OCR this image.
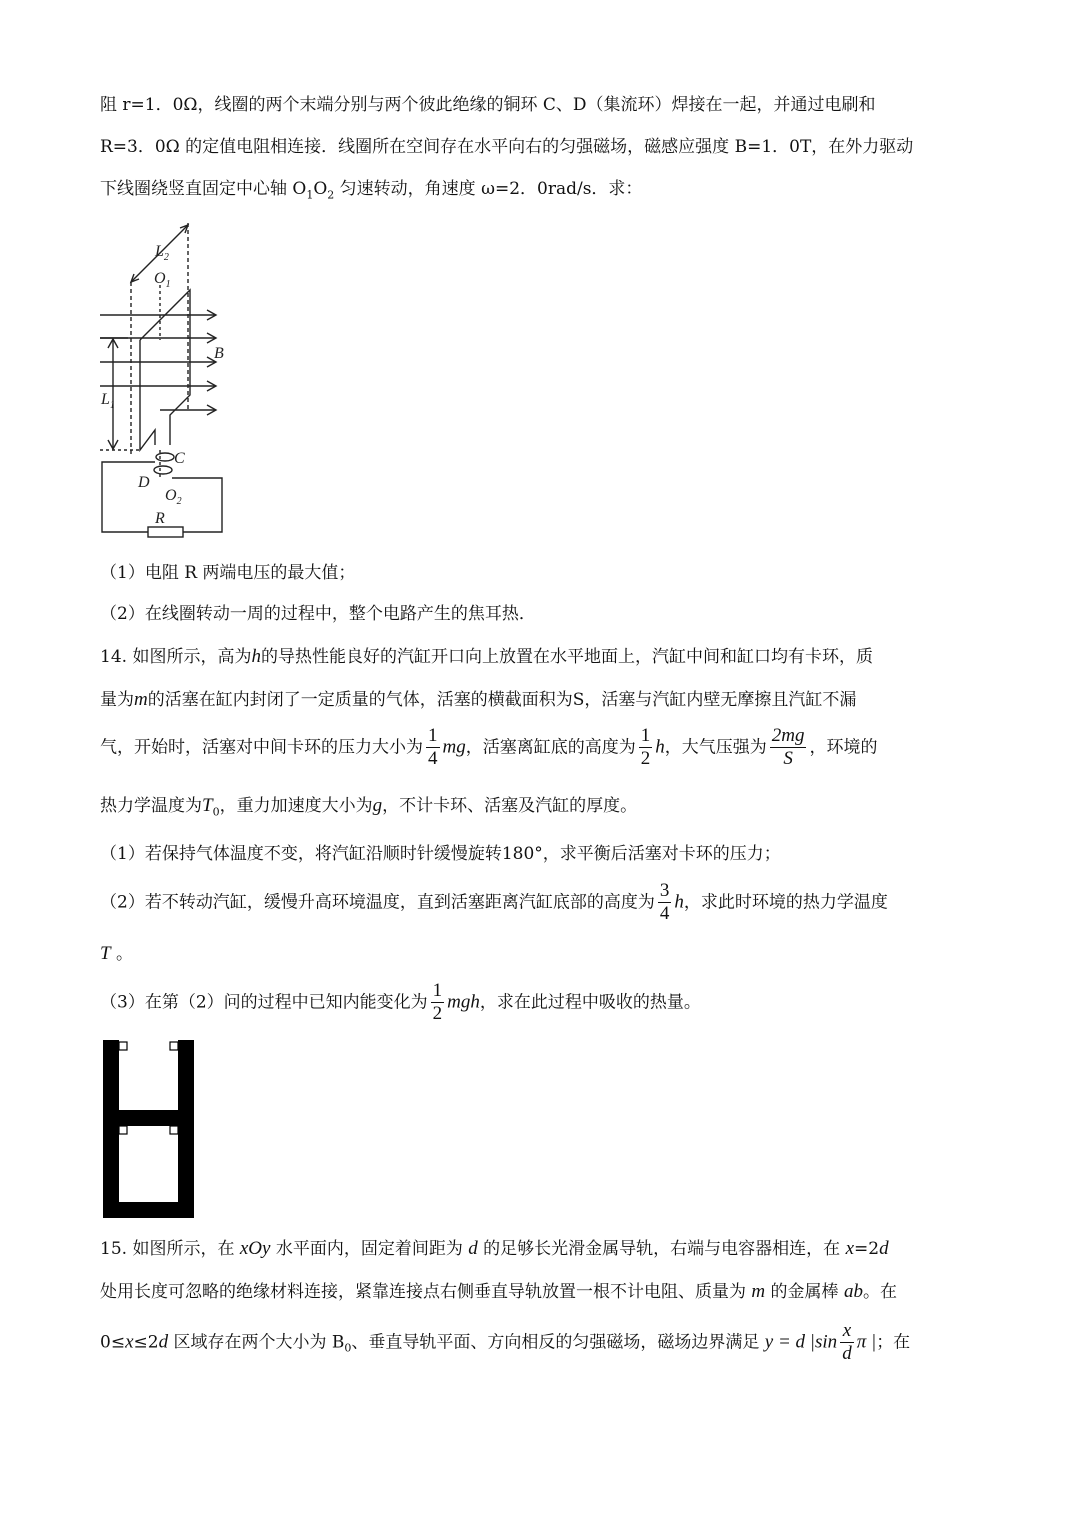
阻 r=1．0Ω，线圈的两个末端分别与两个彼此绝缘的铜环 C、D（集流环）焊接在一起，并通过电刷和
R=3．0Ω 的定值电阻相连接．线圈所在空间存在水平向右的匀强磁场，磁感应强度 B=1．0T，在外力驱动
下线圈绕竖直固定中心轴 $O_1O_2$ 匀速转动，角速度 ω=2．0rad/s．求：
$L_2$
$O_1$
B
$L_1$
C
D
$O_2$
R
（1）电阻 R 两端电压的最大值；
（2）在线圈转动一周的过程中，整个电路产生的焦耳热．
14. 如图所示，高为h的导热性能良好的汽缸开口向上放置在水平地面上，汽缸中间和缸口均有卡环，质
量为m的活塞在缸内封闭了一定质量的气体，活塞的横截面积为S，活塞与汽缸内壁无摩擦且汽缸不漏
气，开始时，活塞对中间卡环的压力大小为 $\frac{1}{4}$ mg，活塞离缸底的高度为 $\frac{1}{2}$ h，大气压强为 $\frac{2mg}{S}$ ，环境的
热力学温度为$T_0$，重力加速度大小为g，不计卡环、活塞及汽缸的厚度。
（1）若保持气体温度不变，将汽缸沿顺时针缓慢旋转180°，求平衡后活塞对卡环的压力；
（2）若不转动汽缸，缓慢升高环境温度，直到活塞距离汽缸底部的高度为 $\frac{3}{4}$ h，求此时环境的热力学温度
T 。
（3）在第（2）问的过程中已知内能变化为 $\frac{1}{2}$ mgh，求在此过程中吸收的热量。
15. 如图所示，在 xOy 水平面内，固定着间距为 d 的足够长光滑金属导轨，右端与电容器相连，在 x=2d
处用长度可忽略的绝缘材料连接，紧靠连接点右侧垂直导轨放置一根不计电阻、质量为 m 的金属棒 ab。在
0≤x≤2d 区域存在两个大小为 $B_0$、垂直导轨平面、方向相反的匀强磁场，磁场边界满足 y = d $|\sin \frac{x}{d}$ π |；在
